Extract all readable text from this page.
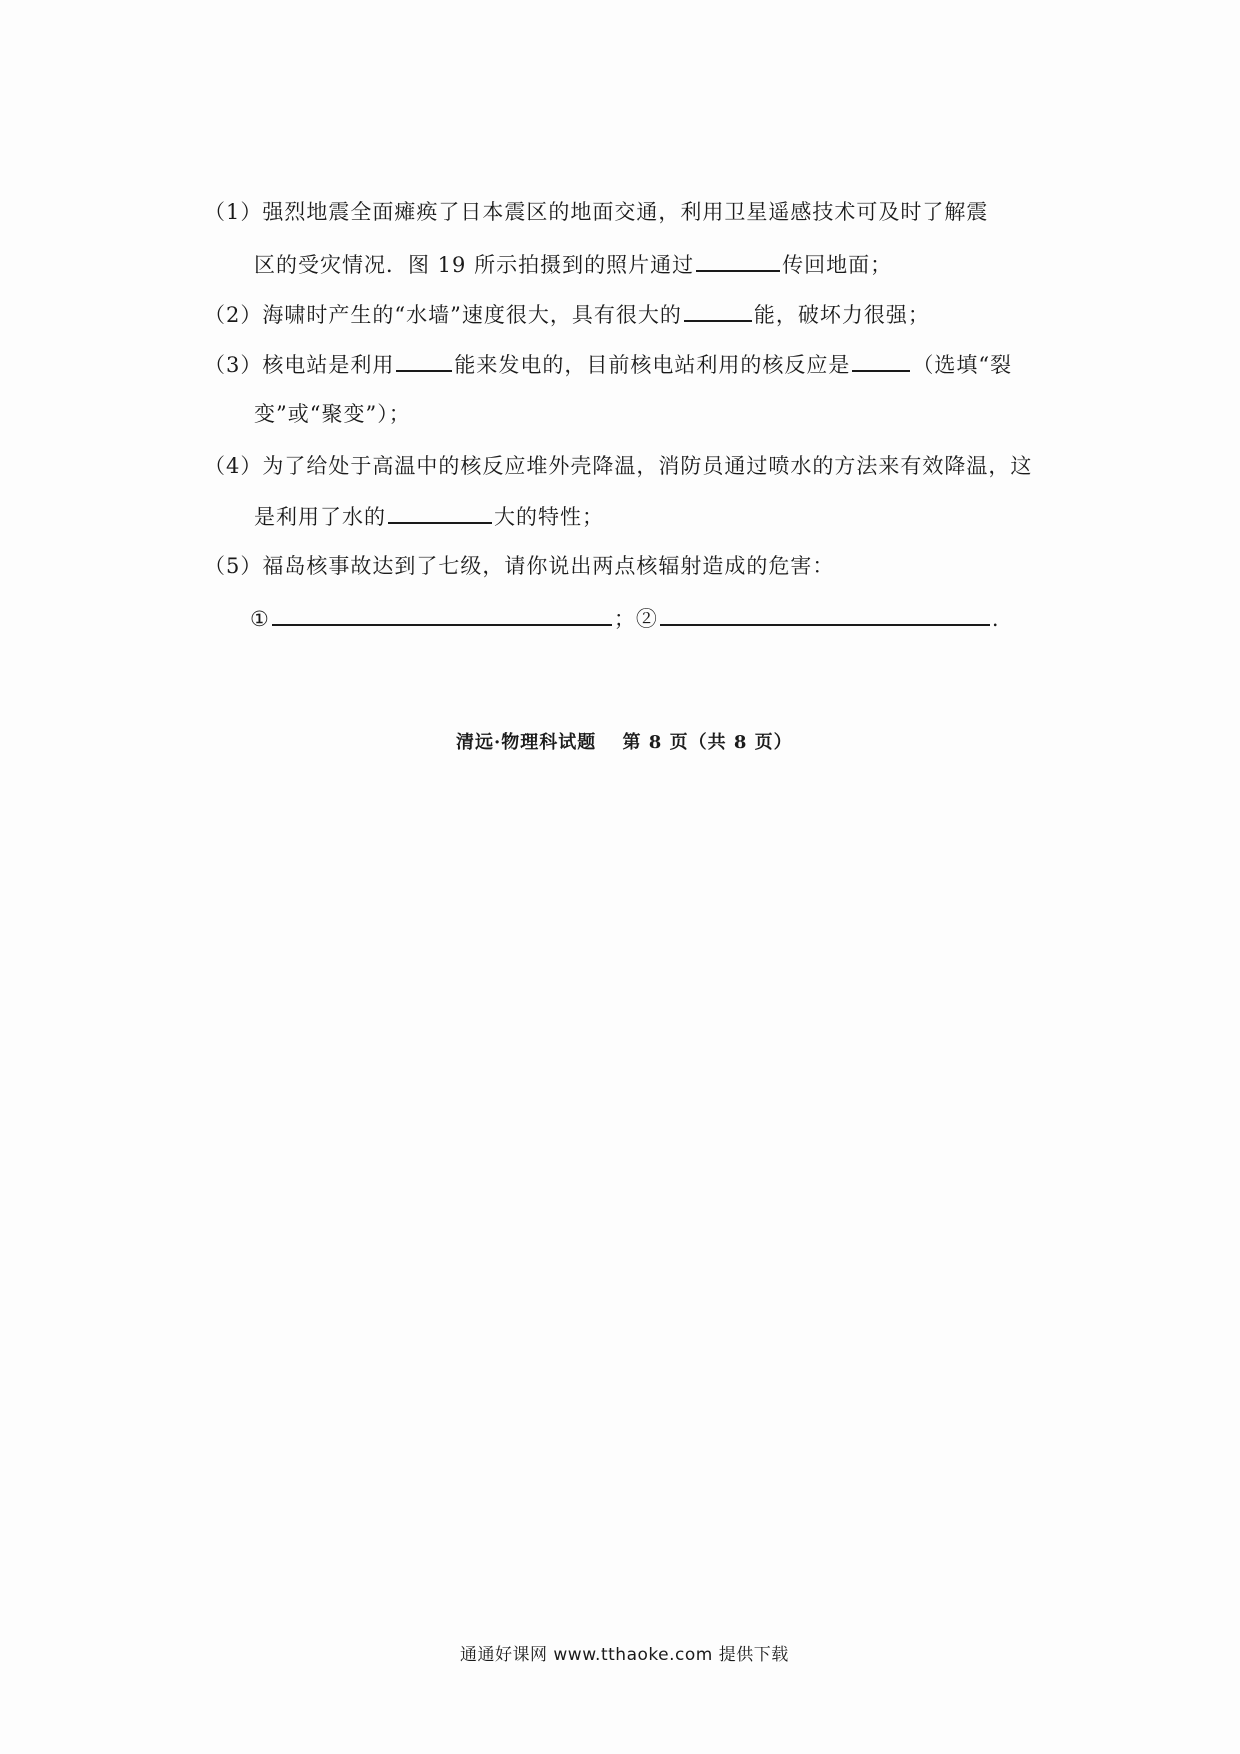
（1）强烈地震全面瘫痪了日本震区的地面交通，利用卫星遥感技术可及时了解震
区的受灾情况．图 19 所示拍摄到的照片通过	传回地面；
（2）海啸时产生的“水墙”速度很大，具有很大的	能，破坏力很强；
（3）核电站是利用	能来发电的，目前核电站利用的核反应是	（选填“裂
变”或“聚变”）；
（4）为了给处于高温中的核反应堆外壳降温，消防员通过喷水的方法来有效降温，这
是利用了水的	大的特性；
（5）福岛核事故达到了七级，请你说出两点核辐射造成的危害：
①	；②	.
清远·物理科试题　 第 8 页（共 8 页）
通通好课网 www.tthaoke.com 提供下载
